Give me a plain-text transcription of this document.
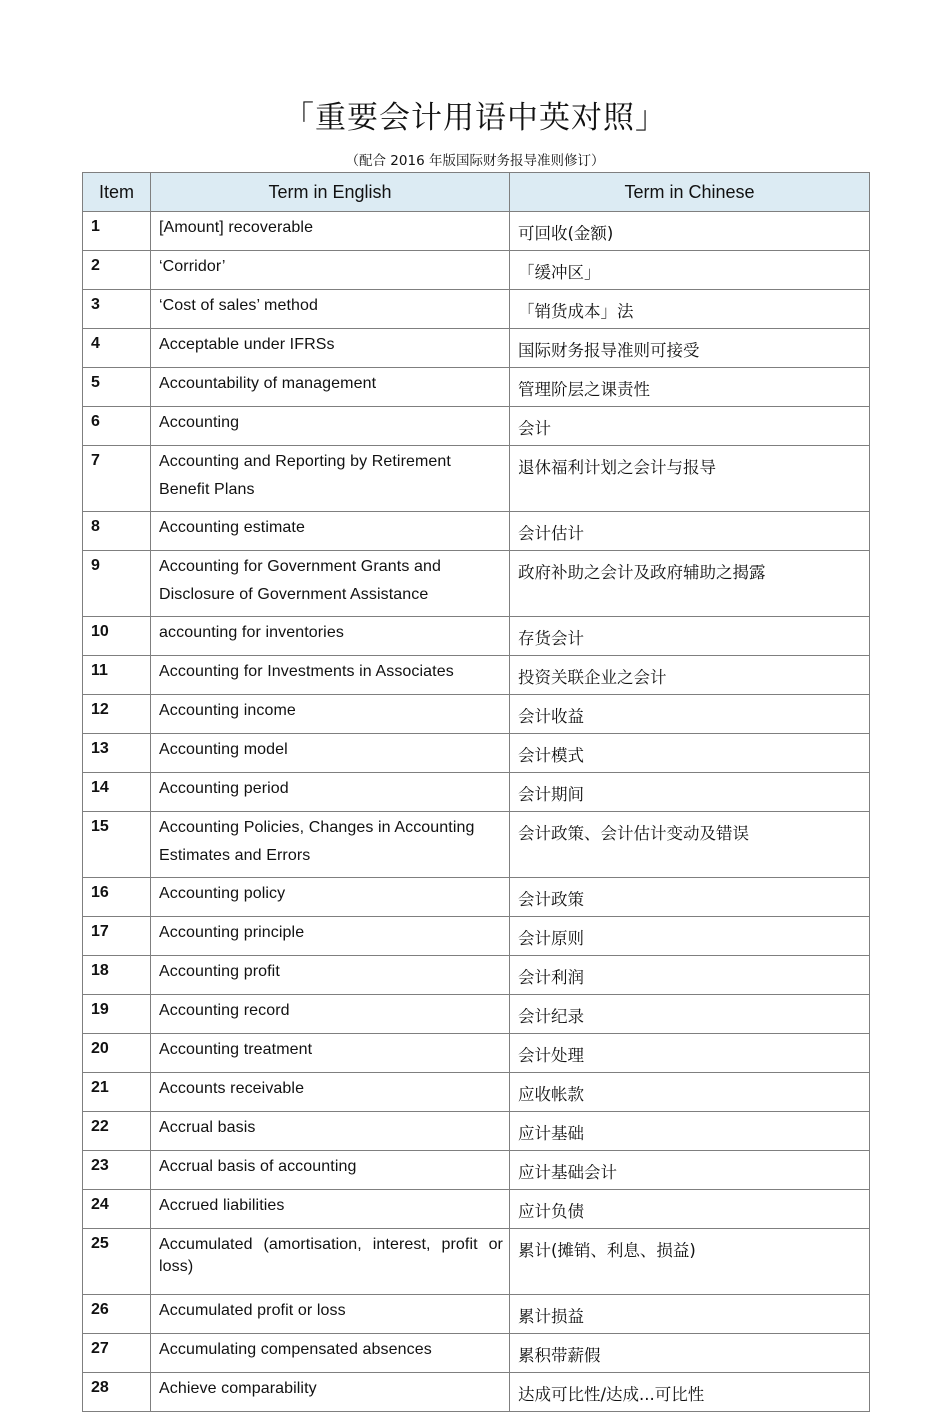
「重要会计用语中英对照」
（配合 2016 年版国际财务报导准则修订）
Item	Term in English	Term in Chinese
1	[Amount] recoverable	可回收(金额)
2	‘Corridor’	「缓冲区」
3	‘Cost of sales’ method	「销货成本」法
4	Acceptable under IFRSs	国际财务报导准则可接受
5	Accountability of management	管理阶层之课责性
6	Accounting	会计
7	Accounting and Reporting by Retirement Benefit Plans	退休福利计划之会计与报导
8	Accounting estimate	会计估计
9	Accounting for Government Grants and Disclosure of Government Assistance	政府补助之会计及政府辅助之揭露
10	accounting for inventories	存货会计
11	Accounting for Investments in Associates	投资关联企业之会计
12	Accounting income	会计收益
13	Accounting model	会计模式
14	Accounting period	会计期间
15	Accounting Policies, Changes in Accounting Estimates and Errors	会计政策、会计估计变动及错误
16	Accounting policy	会计政策
17	Accounting principle	会计原则
18	Accounting profit	会计利润
19	Accounting record	会计纪录
20	Accounting treatment	会计处理
21	Accounts receivable	应收帐款
22	Accrual basis	应计基础
23	Accrual basis of accounting	应计基础会计
24	Accrued liabilities	应计负债
25	Accumulated (amortisation, interest, profit or loss)	累计(摊销、利息、损益)
26	Accumulated profit or loss	累计损益
27	Accumulating compensated absences	累积带薪假
28	Achieve comparability	达成可比性/达成...可比性
